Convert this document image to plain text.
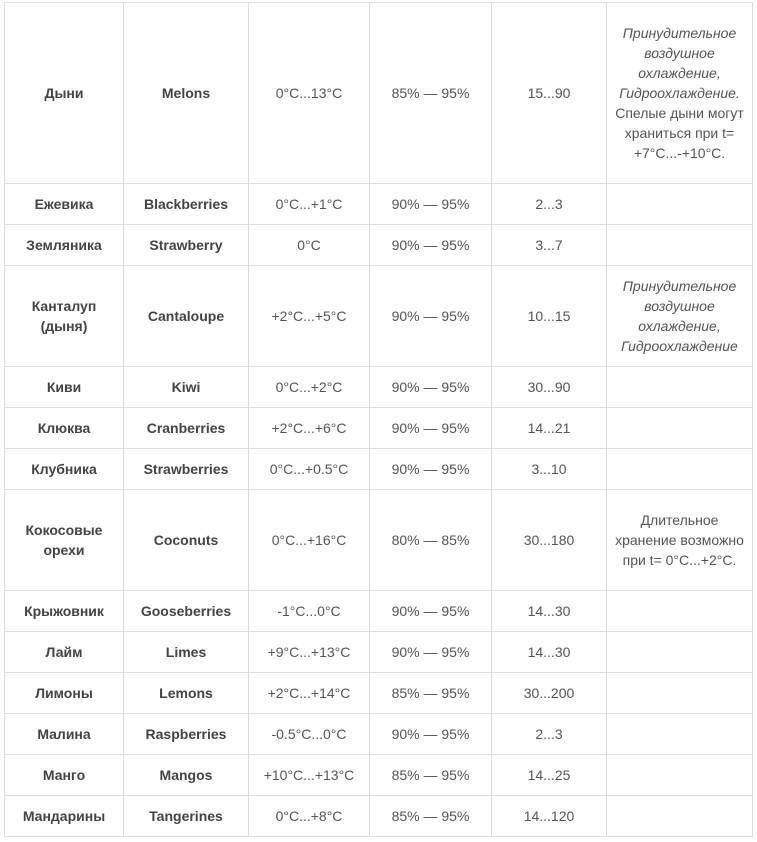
Дыни	Melons	0°C...13°C	85% — 95%	15...90	Принудительное воздушное охлаждение, Гидроохлаждение. Спелые дыни могут храниться при t= +7°C...-+10°C.
Ежевика	Blackberries	0°C...+1°C	90% — 95%	2...3	
Земляника	Strawberry	0°C	90% — 95%	3...7	
Канталуп (дыня)	Cantaloupe	+2°C...+5°C	90% — 95%	10...15	Принудительное воздушное охлаждение, Гидроохлаждение
Киви	Kiwi	0°C...+2°C	90% — 95%	30...90	
Клюква	Cranberries	+2°C...+6°C	90% — 95%	14...21	
Клубника	Strawberries	0°C...+0.5°C	90% — 95%	3...10	
Кокосовые орехи	Coconuts	0°C...+16°C	80% — 85%	30...180	Длительное хранение возможно при t= 0°C...+2°C.
Крыжовник	Gooseberries	-1°C...0°C	90% — 95%	14...30	
Лайм	Limes	+9°C...+13°C	90% — 95%	14...30	
Лимоны	Lemons	+2°C...+14°C	85% — 95%	30...200	
Малина	Raspberries	-0.5°C...0°C	90% — 95%	2...3	
Манго	Mangos	+10°C...+13°C	85% — 95%	14...25	
Мандарины	Tangerines	0°C...+8°C	85% — 95%	14...120	
